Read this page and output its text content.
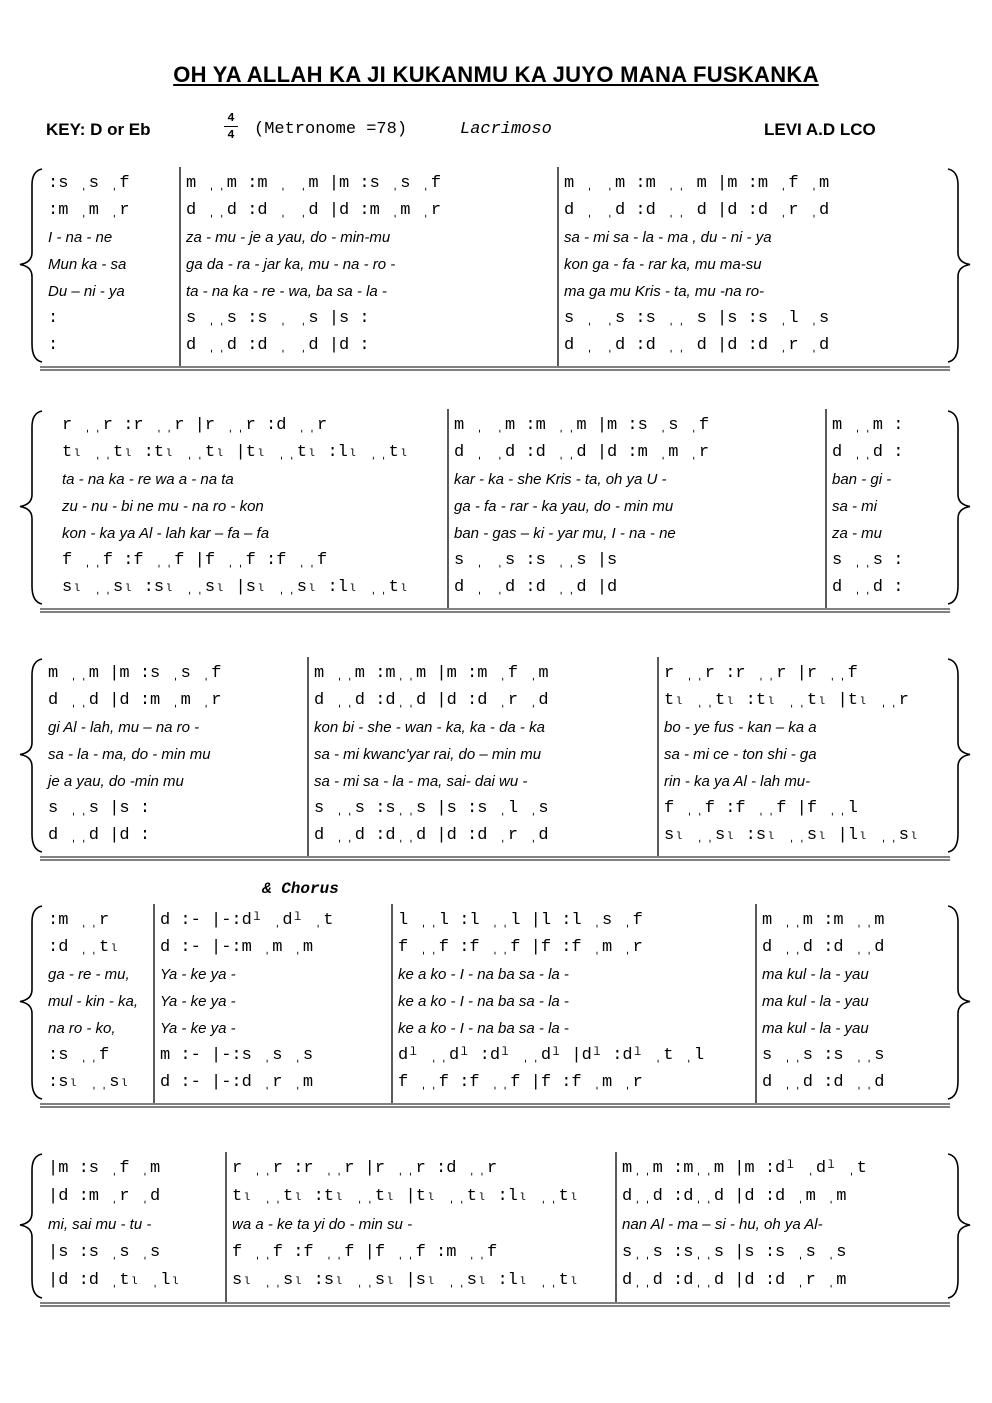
OH YA ALLAH KA JI KUKANMU KA JUYO MANA FUSKANKA
KEY: D or Eb
4
4 (Metronome =78)	Lacrimoso	LEVI A.D LCO
& Chorus
:s ˌs ˌf	m ˌˌm :m ˌ ˌm |m :s ˌs ˌf	m ˌ ˌm :m ˌˌ m |m :m ˌf ˌm
:m ˌm ˌr	d ˌˌd :d ˌ ˌd |d :m ˌm ˌr	d ˌ ˌd :d ˌˌ d |d :d ˌr ˌd
I - na - ne	za - mu - je a yau, do - min-mu	sa - mi sa - la - ma , du - ni - ya
Mun ka - sa	ga da - ra - jar ka, mu - na - ro -	kon ga - fa - rar ka, mu ma-su
Du – ni - ya	ta - na ka - re - wa, ba sa - la -	ma ga mu Kris - ta, mu -na ro-
:	s ˌˌs :s ˌ ˌs |s :	s ˌ ˌs :s ˌˌ s |s :s ˌl ˌs
:	d ˌˌd :d ˌ ˌd |d :	d ˌ ˌd :d ˌˌ d |d :d ˌr ˌd
r ˌˌr :r ˌˌr |r ˌˌr :d ˌˌr	m ˌ ˌm :m ˌˌm |m :s ˌs ˌf	m ˌˌm :
tₗ ˌˌtₗ :tₗ ˌˌtₗ |tₗ ˌˌtₗ :lₗ ˌˌtₗ	d ˌ ˌd :d ˌˌd |d :m ˌm ˌr	d ˌˌd :
ta - na ka - re wa a - na ta	kar - ka - she Kris - ta, oh ya U -	ban - gi -
zu - nu - bi ne mu - na ro - kon	ga - fa - rar - ka yau, do - min mu	sa - mi
kon - ka ya Al - lah kar – fa – fa	ban - gas – ki - yar mu, I - na - ne	za - mu
f ˌˌf :f ˌˌf |f ˌˌf :f ˌˌf	s ˌ ˌs :s ˌˌs |s	s ˌˌs :
sₗ ˌˌsₗ :sₗ ˌˌsₗ |sₗ ˌˌsₗ :lₗ ˌˌtₗ	d ˌ ˌd :d ˌˌd |d	d ˌˌd :
m ˌˌm |m :s ˌs ˌf	m ˌˌm :mˌˌm |m :m ˌf ˌm	r ˌˌr :r ˌˌr |r ˌˌf
d ˌˌd |d :m ˌm ˌr	d ˌˌd :dˌˌd |d :d ˌr ˌd	tₗ ˌˌtₗ :tₗ ˌˌtₗ |tₗ ˌˌr
gi Al - lah, mu – na ro -	kon bi - she - wan - ka, ka - da - ka	bo - ye fus - kan – ka a
sa - la - ma, do - min mu	sa - mi kwanc'yar rai, do – min mu	sa - mi ce - ton shi - ga
je a yau, do -min mu	sa - mi sa - la - ma, sai- dai wu -	rin - ka ya Al - lah mu-
s ˌˌs |s :	s ˌˌs :sˌˌs |s :s ˌl ˌs	f ˌˌf :f ˌˌf |f ˌˌl
d ˌˌd |d :	d ˌˌd :dˌˌd |d :d ˌr ˌd	sₗ ˌˌsₗ :sₗ ˌˌsₗ |lₗ ˌˌsₗ
:m ˌˌr	d :- |-:dˡ ˌdˡ ˌt	l ˌˌl :l ˌˌl |l :l ˌs ˌf	m ˌˌm :m ˌˌm
:d ˌˌtₗ d :- |-:m ˌm ˌm	f ˌˌf :f ˌˌf |f :f ˌm ˌr	d ˌˌd :d ˌˌd
ga - re - mu, Ya - ke ya -	ke a ko - I - na ba sa - la -	ma kul - la - yau
mul - kin - ka, Ya - ke ya -	ke a ko - I - na ba sa - la -	ma kul - la - yau
na ro - ko,	Ya - ke ya -	ke a ko - I - na ba sa - la -	ma kul - la - yau
:s ˌˌf	m :- |-:s ˌs ˌs	dˡ ˌˌdˡ :dˡ ˌˌdˡ |dˡ :dˡ ˌt ˌl	s ˌˌs :s ˌˌs
:sₗ ˌˌsₗ d :- |-:d ˌr ˌm	f ˌˌf :f ˌˌf |f :f ˌm ˌr	d ˌˌd :d ˌˌd
|m :s ˌf ˌm	r ˌˌr :r ˌˌr |r ˌˌr :d ˌˌr	mˌˌm :mˌˌm |m :dˡ ˌdˡ ˌt
|d :m ˌr ˌd	tₗ ˌˌtₗ :tₗ ˌˌtₗ |tₗ ˌˌtₗ :lₗ ˌˌtₗ	dˌˌd :dˌˌd |d :d ˌm ˌm
mi, sai mu - tu -	wa a - ke ta yi do - min su -	nan Al - ma – si - hu, oh ya Al-
|s :s ˌs ˌs	f ˌˌf :f ˌˌf |f ˌˌf :m ˌˌf	sˌˌs :sˌˌs |s :s ˌs ˌs
|d :d ˌtₗ ˌlₗ	sₗ ˌˌsₗ :sₗ ˌˌsₗ |sₗ ˌˌsₗ :lₗ ˌˌtₗ	dˌˌd :dˌˌd |d :d ˌr ˌm
